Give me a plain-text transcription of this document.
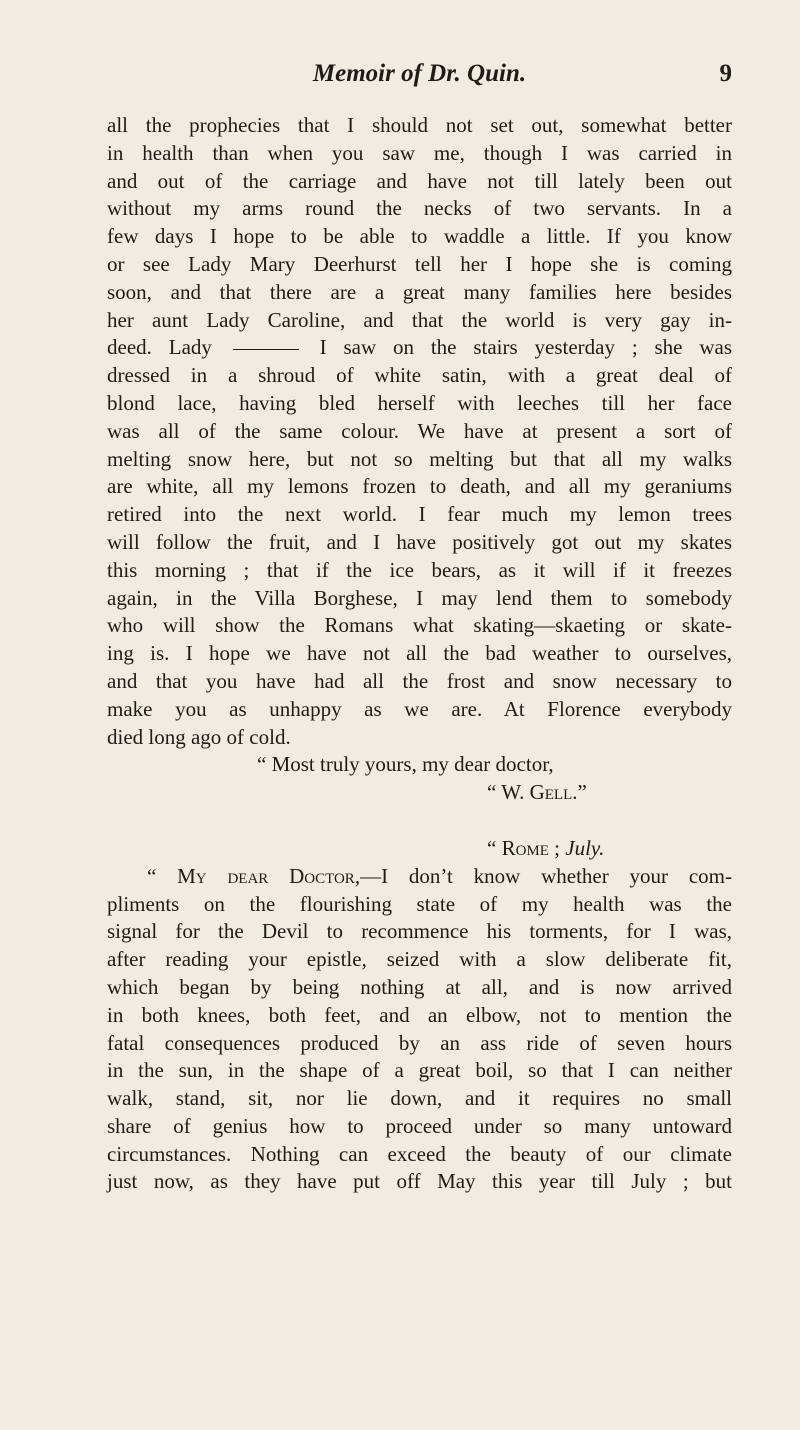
Memoir of Dr. Quin.	9
all the prophecies that I should not set out, somewhat better
in health than when you saw me, though I was carried in
and out of the carriage and have not till lately been out
without my arms round the necks of two servants. In a
few days I hope to be able to waddle a little. If you know
or see Lady Mary Deerhurst tell her I hope she is coming
soon, and that there are a great many families here besides
her aunt Lady Caroline, and that the world is very gay in-
deed. Lady	I saw on the stairs yesterday ; she was
dressed in a shroud of white satin, with a great deal of
blond lace, having bled herself with leeches till her face
was all of the same colour. We have at present a sort of
melting snow here, but not so melting but that all my walks
are white, all my lemons frozen to death, and all my geraniums
retired into the next world. I fear much my lemon trees
will follow the fruit, and I have positively got out my skates
this morning ; that if the ice bears, as it will if it freezes
again, in the Villa Borghese, I may lend them to somebody
who will show the Romans what skating—skaeting or skate-
ing is. I hope we have not all the bad weather to ourselves,
and that you have had all the frost and snow necessary to
make you as unhappy as we are. At Florence everybody
died long ago of cold.
“ Most truly yours, my dear doctor,
“ W. Gell.”
“ Rome ; July.
“ My dear Doctor,—I don’t know whether your com-
pliments on the flourishing state of my health was the
signal for the Devil to recommence his torments, for I was,
after reading your epistle, seized with a slow deliberate fit,
which began by being nothing at all, and is now arrived
in both knees, both feet, and an elbow, not to mention the
fatal consequences produced by an ass ride of seven hours
in the sun, in the shape of a great boil, so that I can neither
walk, stand, sit, nor lie down, and it requires no small
share of genius how to proceed under so many untoward
circumstances. Nothing can exceed the beauty of our climate
just now, as they have put off May this year till July ; but
